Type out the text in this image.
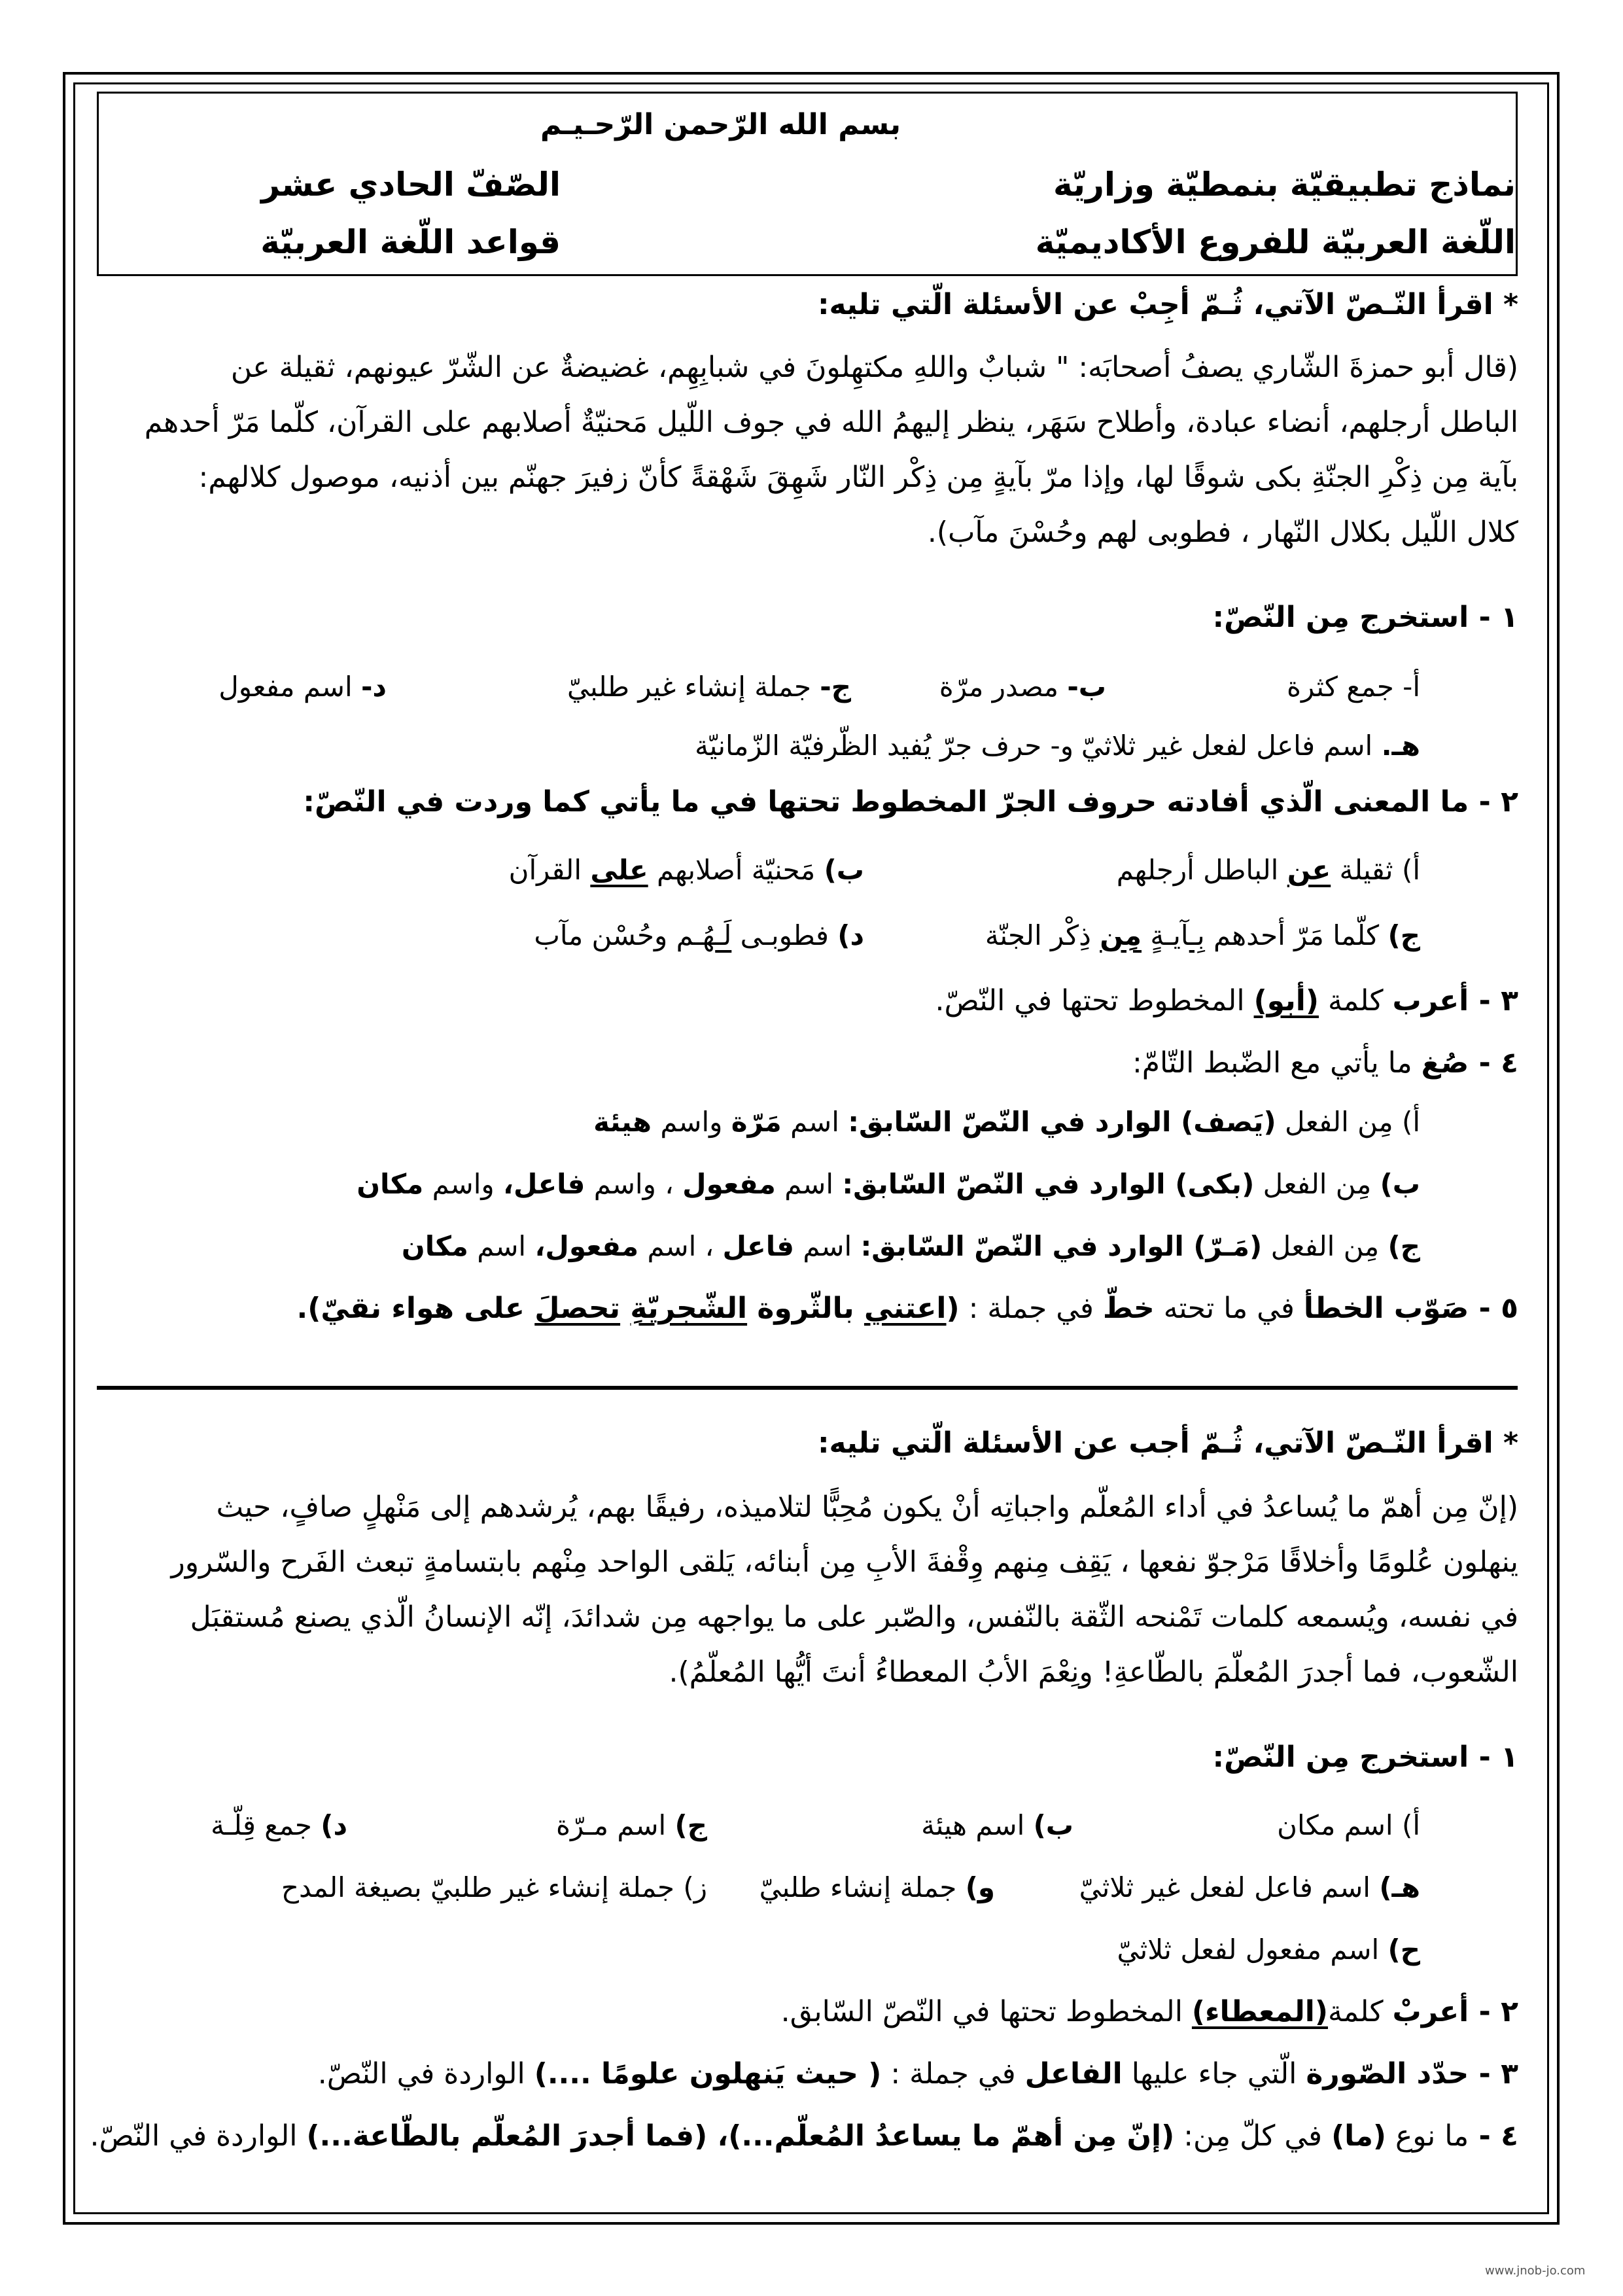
بسم الله الرّحمن الرّحـيـم
نماذج تطبيقيّة بنمطيّة وزاريّة
اللّغة العربيّة للفروع الأكاديميّة
الصّفّ الحادي عشر
قواعد اللّغة العربيّة
* اقرأ النّـصّ الآتي، ثُـمّ أجِبْ عن الأسئلة الّتي تليه:
(قال أبو حمزةَ الشّاري يصفُ أصحابَه: " شبابٌ واللهِ مكتهِلونَ في شبابِهِم، غضيضةٌ عن الشّرّ عيونهم، ثقيلة عن
الباطل أرجلهم، أنضاء عبادة، وأطلاح سَهَر، ينظر إليهمُ الله في جوف اللّيل مَحنيّةٌ أصلابهم على القرآن، كلّما مَرّ أحدهم
بآية مِن ذِكْرِ الجنّةِ بكى شوقًا لها، وإذا مرّ بآيةٍ مِن ذِكْر النّار شَهِقَ شَهْقةً كأنّ زفيرَ جهنّم بين أذنيه، موصول كلالهم:
كلال اللّيل بكلال النّهار ، فطوبى لهم وحُسْنَ مآب).
١ - استخرج مِن النّصّ:
أ- جمع كثرة
ب- مصدر مرّة
ج- جملة إنشاء غير طلبيّ
د- اسم مفعول
هـ. اسم فاعل لفعل غير ثلاثيّ
و- حرف جرّ يُفيد الظّرفيّة الزّمانيّة
٢ - ما المعنى الّذي أفادته حروف الجرّ المخطوط تحتها في ما يأتي كما وردت في النّصّ:
أ) ثقيلة عن الباطل أرجلهم
ب) مَحنيّة أصلابهم على القرآن
ج) كلّما مَرّ أحدهم بِـآيـةٍ مِن ذِكْر الجنّة
د) فطوبـى لَـهُـم وحُسْن مآب
٣ - أعرب كلمة (أبو) المخطوط تحتها في النّصّ.
٤ - صُغ ما يأتي مع الضّبط التّامّ:
أ) مِن الفعل (يَصف) الوارد في النّصّ السّابق: اسم مَرّة واسم هيئة
ب) مِن الفعل (بكى) الوارد في النّصّ السّابق: اسم مفعول ، واسم فاعل، واسم مكان
ج) مِن الفعل (مَـرّ) الوارد في النّصّ السّابق: اسم فاعل ، اسم مفعول، اسم مكان
٥ - صَوّب الخطأ في ما تحته خطّ في جملة : (اعتني بالثّروة الشّجريّةِ تحصلَ على هواء نقيّ).
* اقرأ النّـصّ الآتي، ثُـمّ أجب عن الأسئلة الّتي تليه:
(إنّ مِن أهمّ ما يُساعدُ في أداء المُعلّم واجباتِه أنْ يكون مُحِبًّا لتلاميذه، رفيقًا بهم، يُرشدهم إلى مَنْهلٍ صافٍ، حيث
ينهلون عُلومًا وأخلاقًا مَرْجوّ نفعها ، يَقِف مِنهم وِقْفةَ الأبِ مِن أبنائه، يَلقى الواحد مِنْهم بابتسامةٍ تبعث الفَرح والسّرور
في نفسه، ويُسمعه كلمات تَمْنحه الثّقة بالنّفس، والصّبر على ما يواجهه مِن شدائدَ، إنّه الإنسانُ الّذي يصنع مُستقبَل
الشّعوب، فما أجدرَ المُعلّمَ بالطّاعةِ! ونِعْمَ الأبُ المعطاءُ أنتَ أيُّها المُعلّمُ).
١ - استخرج مِن النّصّ:
أ) اسم مكان
ب) اسم هيئة
ج) اسم مـرّة
د) جمع قِلّـة
هـ) اسم فاعل لفعل غير ثلاثيّ
و) جملة إنشاء طلبيّ
ز) جملة إنشاء غير طلبيّ بصيغة المدح
ح) اسم مفعول لفعل ثلاثيّ
٢ - أعربْ كلمة(المعطاء) المخطوط تحتها في النّصّ السّابق.
٣ - حدّد الصّورة الّتي جاء عليها الفاعل في جملة : ( حيث يَنهلون علومًا ....) الواردة في النّصّ.
٤ - ما نوع (ما) في كلّ مِن: (إنّ مِن أهمّ ما يساعدُ المُعلّم...)، (فما أجدرَ المُعلّم بالطّاعة...) الواردة في النّصّ.
www.jnob-jo.com
